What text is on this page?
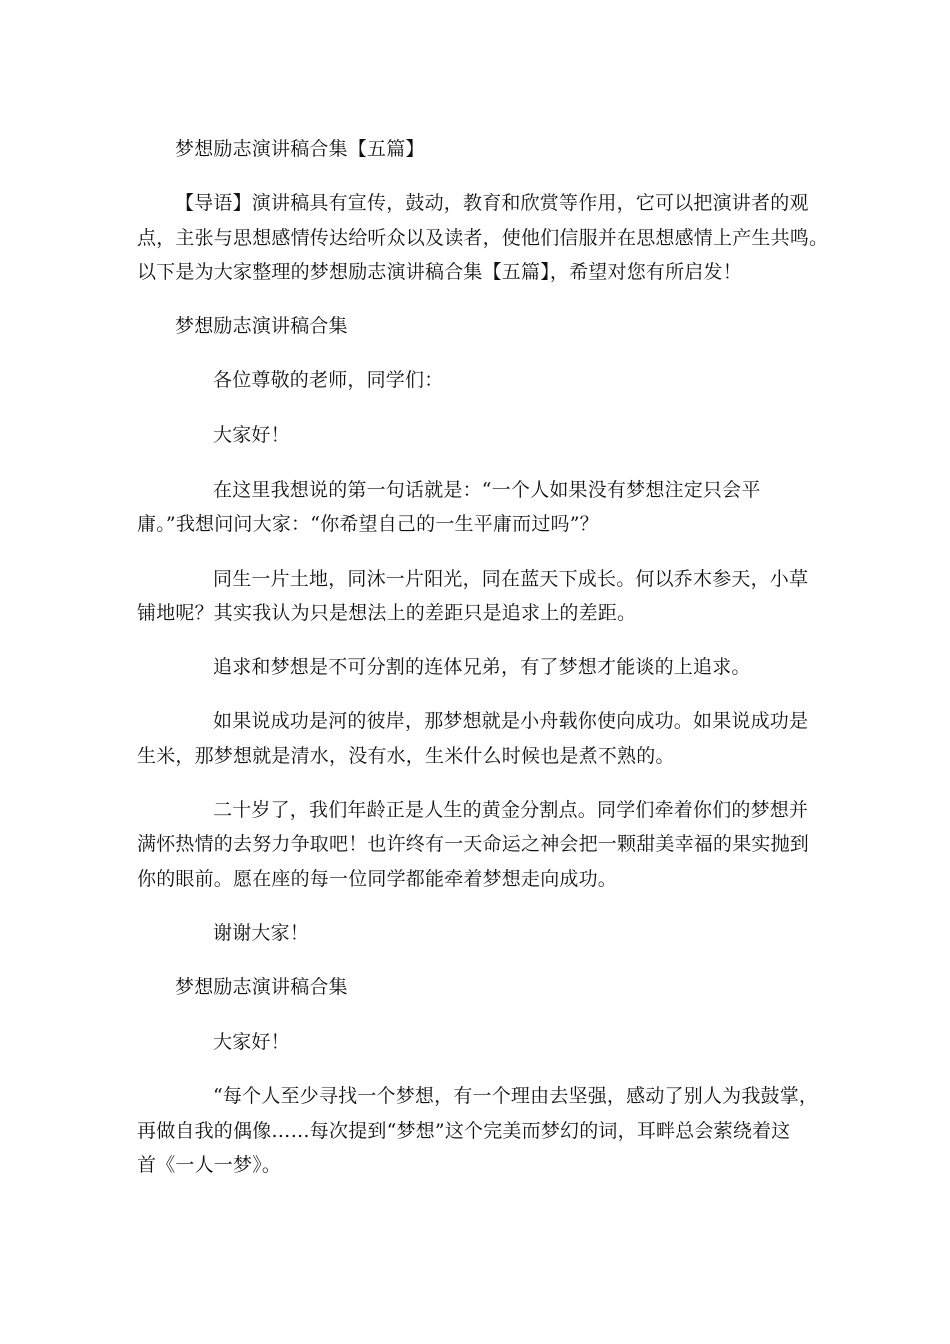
梦想励志演讲稿合集【五篇】
【导语】演讲稿具有宣传，鼓动，教育和欣赏等作用，它可以把演讲者的观
点，主张与思想感情传达给听众以及读者，使他们信服并在思想感情上产生共鸣。
以下是为大家整理的梦想励志演讲稿合集【五篇】，希望对您有所启发！
梦想励志演讲稿合集
各位尊敬的老师，同学们：
大家好！
在这里我想说的第一句话就是：“一个人如果没有梦想注定只会平
庸。”我想问问大家：“你希望自己的一生平庸而过吗”？
同生一片土地，同沐一片阳光，同在蓝天下成长。何以乔木参天，小草
铺地呢？其实我认为只是想法上的差距只是追求上的差距。
追求和梦想是不可分割的连体兄弟，有了梦想才能谈的上追求。
如果说成功是河的彼岸，那梦想就是小舟载你使向成功。如果说成功是
生米，那梦想就是清水，没有水，生米什么时候也是煮不熟的。
二十岁了，我们年龄正是人生的黄金分割点。同学们牵着你们的梦想并
满怀热情的去努力争取吧！也许终有一天命运之神会把一颗甜美幸福的果实抛到
你的眼前。愿在座的每一位同学都能牵着梦想走向成功。
谢谢大家！
梦想励志演讲稿合集
大家好！
“每个人至少寻找一个梦想，有一个理由去坚强，感动了别人为我鼓掌，
再做自我的偶像……每次提到“梦想”这个完美而梦幻的词，耳畔总会萦绕着这
首《一人一梦》。
